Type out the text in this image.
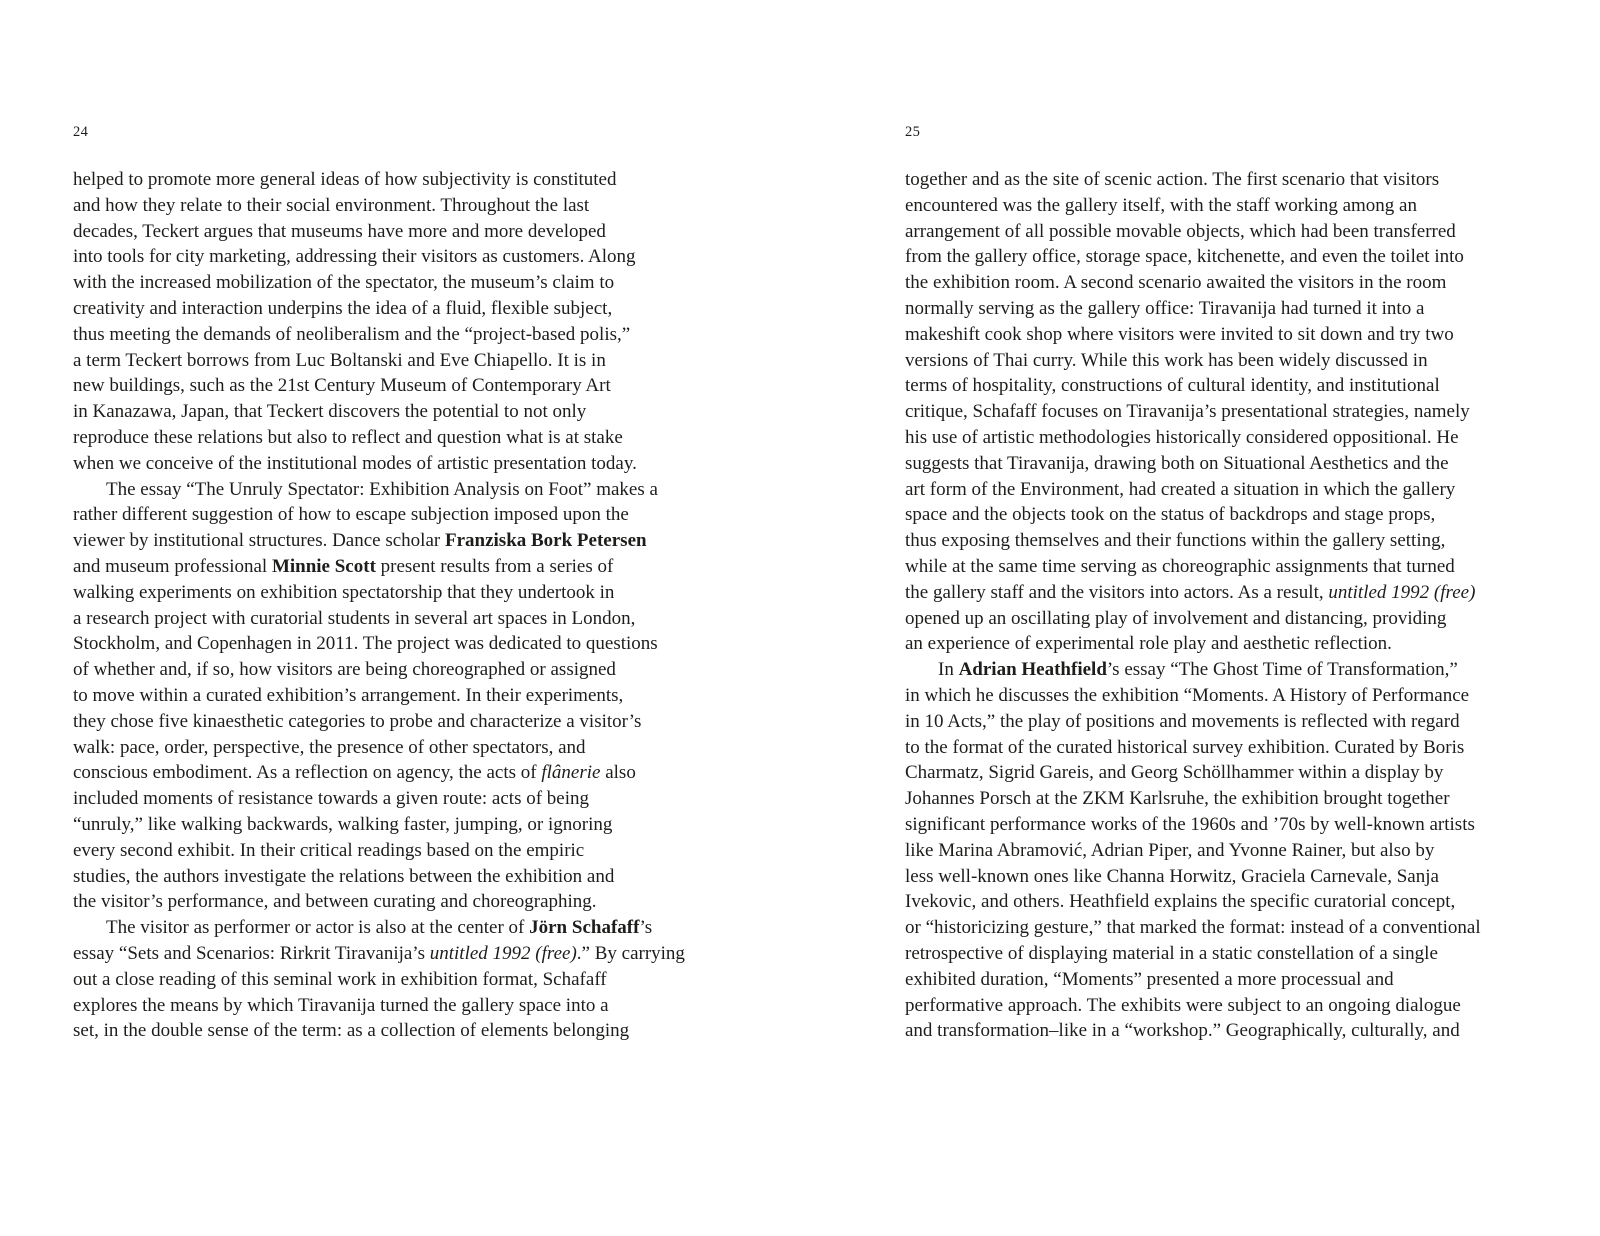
24
helped to promote more general ideas of how subjectivity is constituted
and how they relate to their social environment. Throughout the last
decades, Teckert argues that museums have more and more developed
into tools for city marketing, addressing their visitors as customers. Along
with the increased mobilization of the spectator, the museum’s claim to
creativity and interaction underpins the idea of a fluid, flexible subject,
thus meeting the demands of neoliberalism and the “project-based polis,”
a term Teckert borrows from Luc Boltanski and Eve Chiapello. It is in
new buildings, such as the 21st Century Museum of Contemporary Art
in Kanazawa, Japan, that Teckert discovers the potential to not only
reproduce these relations but also to reflect and question what is at stake
when we conceive of the institutional modes of artistic presentation today.
The essay “The Unruly Spectator: Exhibition Analysis on Foot” makes a
rather different suggestion of how to escape subjection imposed upon the
viewer by institutional structures. Dance scholar Franziska Bork Petersen
and museum professional Minnie Scott present results from a series of
walking experiments on exhibition spectatorship that they undertook in
a research project with curatorial students in several art spaces in London,
Stockholm, and Copenhagen in 2011. The project was dedicated to questions
of whether and, if so, how visitors are being choreographed or assigned
to move within a curated exhibition’s arrangement. In their experiments,
they chose five kinaesthetic categories to probe and characterize a visitor’s
walk: pace, order, perspective, the presence of other spectators, and
conscious embodiment. As a reflection on agency, the acts of flânerie also
included moments of resistance towards a given route: acts of being
“unruly,” like walking backwards, walking faster, jumping, or ignoring
every second exhibit. In their critical readings based on the empiric
studies, the authors investigate the relations between the exhibition and
the visitor’s performance, and between curating and choreographing.
The visitor as performer or actor is also at the center of Jörn Schafaff’s
essay “Sets and Scenarios: Rirkrit Tiravanija’s untitled 1992 (free).” By carrying
out a close reading of this seminal work in exhibition format, Schafaff
explores the means by which Tiravanija turned the gallery space into a
set, in the double sense of the term: as a collection of elements belonging
25
together and as the site of scenic action. The first scenario that visitors
encountered was the gallery itself, with the staff working among an
arrangement of all possible movable objects, which had been transferred
from the gallery office, storage space, kitchenette, and even the toilet into
the exhibition room. A second scenario awaited the visitors in the room
normally serving as the gallery office: Tiravanija had turned it into a
makeshift cook shop where visitors were invited to sit down and try two
versions of Thai curry. While this work has been widely discussed in
terms of hospitality, constructions of cultural identity, and institutional
critique, Schafaff focuses on Tiravanija’s presentational strategies, namely
his use of artistic methodologies historically considered oppositional. He
suggests that Tiravanija, drawing both on Situational Aesthetics and the
art form of the Environment, had created a situation in which the gallery
space and the objects took on the status of backdrops and stage props,
thus exposing themselves and their functions within the gallery setting,
while at the same time serving as choreographic assignments that turned
the gallery staff and the visitors into actors. As a result, untitled 1992 (free)
opened up an oscillating play of involvement and distancing, providing
an experience of experimental role play and aesthetic reflection.
In Adrian Heathfield’s essay “The Ghost Time of Transformation,”
in which he discusses the exhibition “Moments. A History of Performance
in 10 Acts,” the play of positions and movements is reflected with regard
to the format of the curated historical survey exhibition. Curated by Boris
Charmatz, Sigrid Gareis, and Georg Schöllhammer within a display by
Johannes Porsch at the ZKM Karlsruhe, the exhibition brought together
significant performance works of the 1960s and ’70s by well-known artists
like Marina Abramović, Adrian Piper, and Yvonne Rainer, but also by
less well-known ones like Channa Horwitz, Graciela Carnevale, Sanja
Ivekovic, and others. Heathfield explains the specific curatorial concept,
or “historicizing gesture,” that marked the format: instead of a conventional
retrospective of displaying material in a static constellation of a single
exhibited duration, “Moments” presented a more processual and
performative approach. The exhibits were subject to an ongoing dialogue
and transformation–like in a “workshop.” Geographically, culturally, and
